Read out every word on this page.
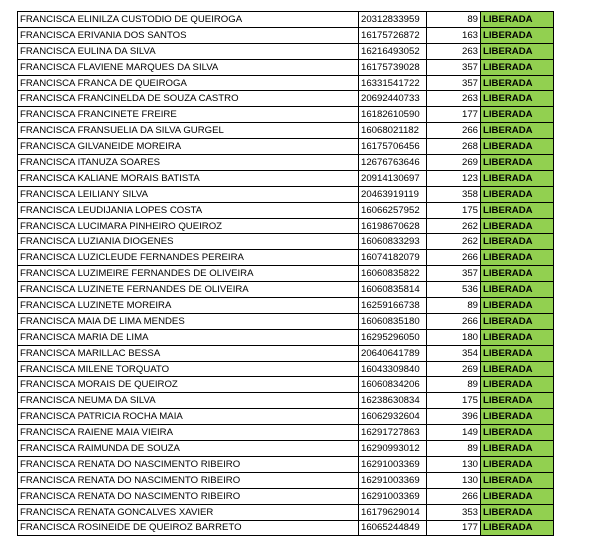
FRANCISCA ELINILZA CUSTODIO DE QUEIROGA	20312833959	89	LIBERADA
FRANCISCA ERIVANIA DOS SANTOS	16175726872	163	LIBERADA
FRANCISCA EULINA DA SILVA	16216493052	263	LIBERADA
FRANCISCA FLAVIENE MARQUES DA SILVA	16175739028	357	LIBERADA
FRANCISCA FRANCA DE QUEIROGA	16331541722	357	LIBERADA
FRANCISCA FRANCINELDA DE SOUZA CASTRO	20692440733	263	LIBERADA
FRANCISCA FRANCINETE FREIRE	16182610590	177	LIBERADA
FRANCISCA FRANSUELIA DA SILVA GURGEL	16068021182	266	LIBERADA
FRANCISCA GILVANEIDE MOREIRA	16175706456	268	LIBERADA
FRANCISCA ITANUZA SOARES	12676763646	269	LIBERADA
FRANCISCA KALIANE MORAIS BATISTA	20914130697	123	LIBERADA
FRANCISCA LEILIANY SILVA	20463919119	358	LIBERADA
FRANCISCA LEUDIJANIA LOPES COSTA	16066257952	175	LIBERADA
FRANCISCA LUCIMARA PINHEIRO QUEIROZ	16198670628	262	LIBERADA
FRANCISCA LUZIANIA DIOGENES	16060833293	262	LIBERADA
FRANCISCA LUZICLEUDE FERNANDES PEREIRA	16074182079	266	LIBERADA
FRANCISCA LUZIMEIRE FERNANDES DE OLIVEIRA	16060835822	357	LIBERADA
FRANCISCA LUZINETE FERNANDES DE OLIVEIRA	16060835814	536	LIBERADA
FRANCISCA LUZINETE MOREIRA	16259166738	89	LIBERADA
FRANCISCA MAIA DE LIMA MENDES	16060835180	266	LIBERADA
FRANCISCA MARIA DE LIMA	16295296050	180	LIBERADA
FRANCISCA MARILLAC BESSA	20640641789	354	LIBERADA
FRANCISCA MILENE TORQUATO	16043309840	269	LIBERADA
FRANCISCA MORAIS DE QUEIROZ	16060834206	89	LIBERADA
FRANCISCA NEUMA DA SILVA	16238630834	175	LIBERADA
FRANCISCA PATRICIA ROCHA MAIA	16062932604	396	LIBERADA
FRANCISCA RAIENE MAIA VIEIRA	16291727863	149	LIBERADA
FRANCISCA RAIMUNDA DE SOUZA	16290993012	89	LIBERADA
FRANCISCA RENATA DO NASCIMENTO RIBEIRO	16291003369	130	LIBERADA
FRANCISCA RENATA DO NASCIMENTO RIBEIRO	16291003369	130	LIBERADA
FRANCISCA RENATA DO NASCIMENTO RIBEIRO	16291003369	266	LIBERADA
FRANCISCA RENATA GONCALVES XAVIER	16179629014	353	LIBERADA
FRANCISCA ROSINEIDE DE QUEIROZ BARRETO	16065244849	177	LIBERADA
